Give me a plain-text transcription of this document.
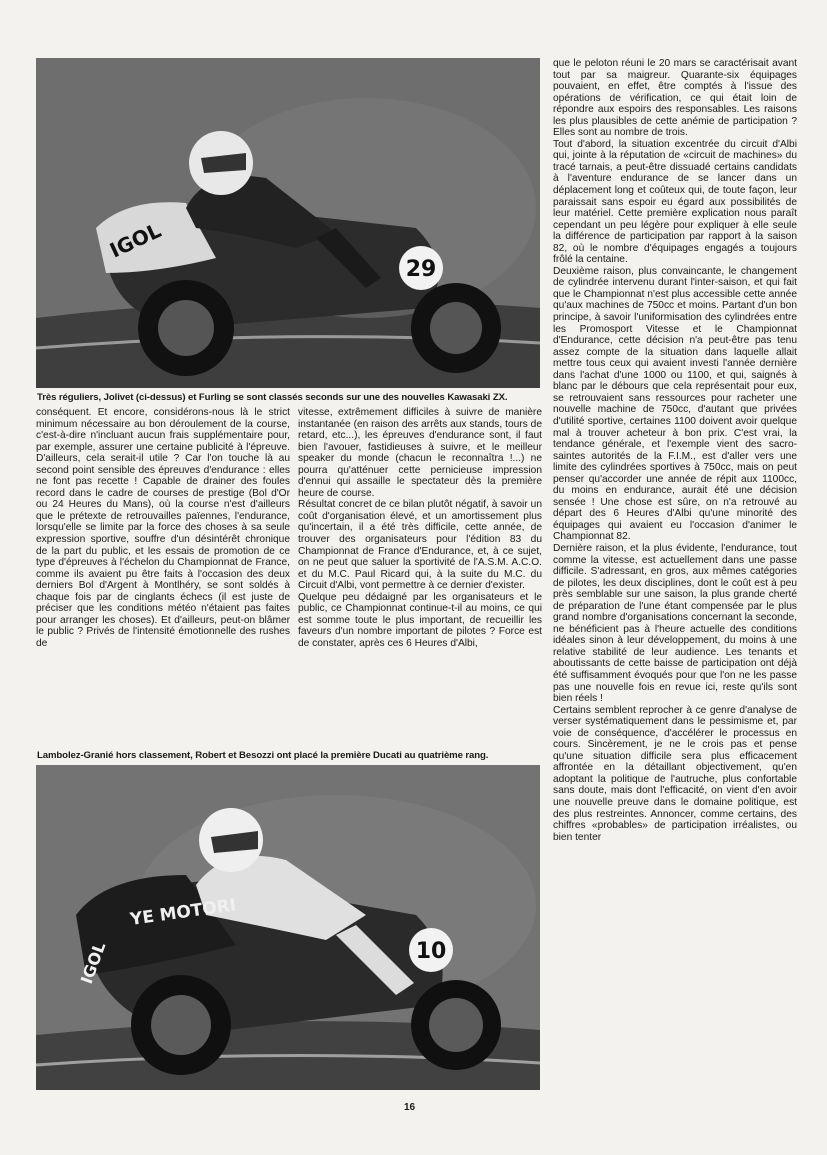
29
IGOL
Très réguliers, Jolivet (ci-dessus) et Furling se sont classés seconds sur une des nouvelles Kawasaki ZX.

conséquent. Et encore, considérons-nous là le strict minimum nécessaire au bon déroulement de la course, c'est-à-dire n'incluant aucun frais supplémentaire pour, par exemple, assurer une certaine publicité à l'épreuve. D'ailleurs, cela serait-il utile ? Car l'on touche là au second point sensible des épreuves d'endurance : elles ne font pas recette ! Capable de drainer des foules record dans le cadre de courses de prestige (Bol d'Or ou 24 Heures du Mans), où la course n'est d'ailleurs que le prétexte de retrouvailles païennes, l'endurance, lorsqu'elle se limite par la force des choses à sa seule expression sportive, souffre d'un désintérêt chronique de la part du public, et les essais de promotion de ce type d'épreuves à l'échelon du Championnat de France, comme ils avaient pu être faits à l'occasion des deux derniers Bol d'Argent à Montlhéry, se sont soldés à chaque fois par de cinglants échecs (il est juste de préciser que les conditions météo n'étaient pas faites pour arranger les choses). Et d'ailleurs, peut-on blâmer le public ? Privés de l'intensité émotionnelle des rushes de

vitesse, extrêmement difficiles à suivre de manière instantanée (en raison des arrêts aux stands, tours de retard, etc...), les épreuves d'endurance sont, il faut bien l'avouer, fastidieuses à suivre, et le meilleur speaker du monde (chacun le reconnaîtra !...) ne pourra qu'atténuer cette pernicieuse impression d'ennui qui assaille le spectateur dès la première heure de course.

Résultat concret de ce bilan plutôt négatif, à savoir un coût d'organisation élevé, et un amortissement plus qu'incertain, il a été très difficile, cette année, de trouver des organisateurs pour l'édition 83 du Championnat de France d'Endurance, et, à ce sujet, on ne peut que saluer la sportivité de l'A.S.M. A.C.O. et du M.C. Paul Ricard qui, à la suite du M.C. du Circuit d'Albi, vont permettre à ce dernier d'exister.

Quelque peu dédaigné par les organisateurs et le public, ce Championnat continue-t-il au moins, ce qui est somme toute le plus important, de recueillir les faveurs d'un nombre important de pilotes ? Force est de constater, après ces 6 Heures d'Albi,

Lambolez-Granié hors classement, Robert et Besozzi ont placé la première Ducati au quatrième rang.
10
YE MOTORI
IGOL

que le peloton réuni le 20 mars se caractérisait avant tout par sa maigreur. Quarante-six équipages pouvaient, en effet, être comptés à l'issue des opérations de vérification, ce qui était loin de répondre aux espoirs des responsables. Les raisons les plus plausibles de cette anémie de participation ? Elles sont au nombre de trois.

Tout d'abord, la situation excentrée du circuit d'Albi qui, jointe à la réputation de «circuit de machines» du tracé tarnais, a peut-être dissuadé certains candidats à l'aventure endurance de se lancer dans un déplacement long et coûteux qui, de toute façon, leur paraissait sans espoir eu égard aux possibilités de leur matériel. Cette première explication nous paraît cependant un peu légère pour expliquer à elle seule la différence de participation par rapport à la saison 82, où le nombre d'équipages engagés a toujours frôlé la centaine.

Deuxième raison, plus convaincante, le changement de cylindrée intervenu durant l'inter-saison, et qui fait que le Championnat n'est plus accessible cette année qu'aux machines de 750cc et moins. Partant d'un bon principe, à savoir l'uniformisation des cylindrées entre les Promosport Vitesse et le Championnat d'Endurance, cette décision n'a peut-être pas tenu assez compte de la situation dans laquelle allait mettre tous ceux qui avaient investi l'année dernière dans l'achat d'une 1000 ou 1100, et qui, saignés à blanc par le débours que cela représentait pour eux, se retrouvaient sans ressources pour racheter une nouvelle machine de 750cc, d'autant que privées d'utilité sportive, certaines 1100 doivent avoir quelque mal à trouver acheteur à bon prix. C'est vrai, la tendance générale, et l'exemple vient des sacro-saintes autorités de la F.I.M., est d'aller vers une limite des cylindrées sportives à 750cc, mais on peut penser qu'accorder une année de répit aux 1100cc, du moins en endurance, aurait été une décision sensée ! Une chose est sûre, on n'a retrouvé au départ des 6 Heures d'Albi qu'une minorité des équipages qui avaient eu l'occasion d'animer le Championnat 82.

Dernière raison, et la plus évidente, l'endurance, tout comme la vitesse, est actuellement dans une passe difficile. S'adressant, en gros, aux mêmes catégories de pilotes, les deux disciplines, dont le coût est à peu près semblable sur une saison, la plus grande cherté de préparation de l'une étant compensée par le plus grand nombre d'organisations concernant la seconde, ne bénéficient pas à l'heure actuelle des conditions idéales sinon à leur développement, du moins à une relative stabilité de leur audience. Les tenants et aboutissants de cette baisse de participation ont déjà été suffisamment évoqués pour que l'on ne les passe pas une nouvelle fois en revue ici, reste qu'ils sont bien réels !

Certains semblent reprocher à ce genre d'analyse de verser systématiquement dans le pessimisme et, par voie de conséquence, d'accélérer le processus en cours. Sincèrement, je ne le crois pas et pense qu'une situation difficile sera plus efficacement affrontée en la détaillant objectivement, qu'en adoptant la politique de l'autruche, plus confortable sans doute, mais dont l'efficacité, on vient d'en avoir une nouvelle preuve dans le domaine politique, est des plus restreintes. Annoncer, comme certains, des chiffres «probables» de participation irréalistes, ou bien tenter

16
